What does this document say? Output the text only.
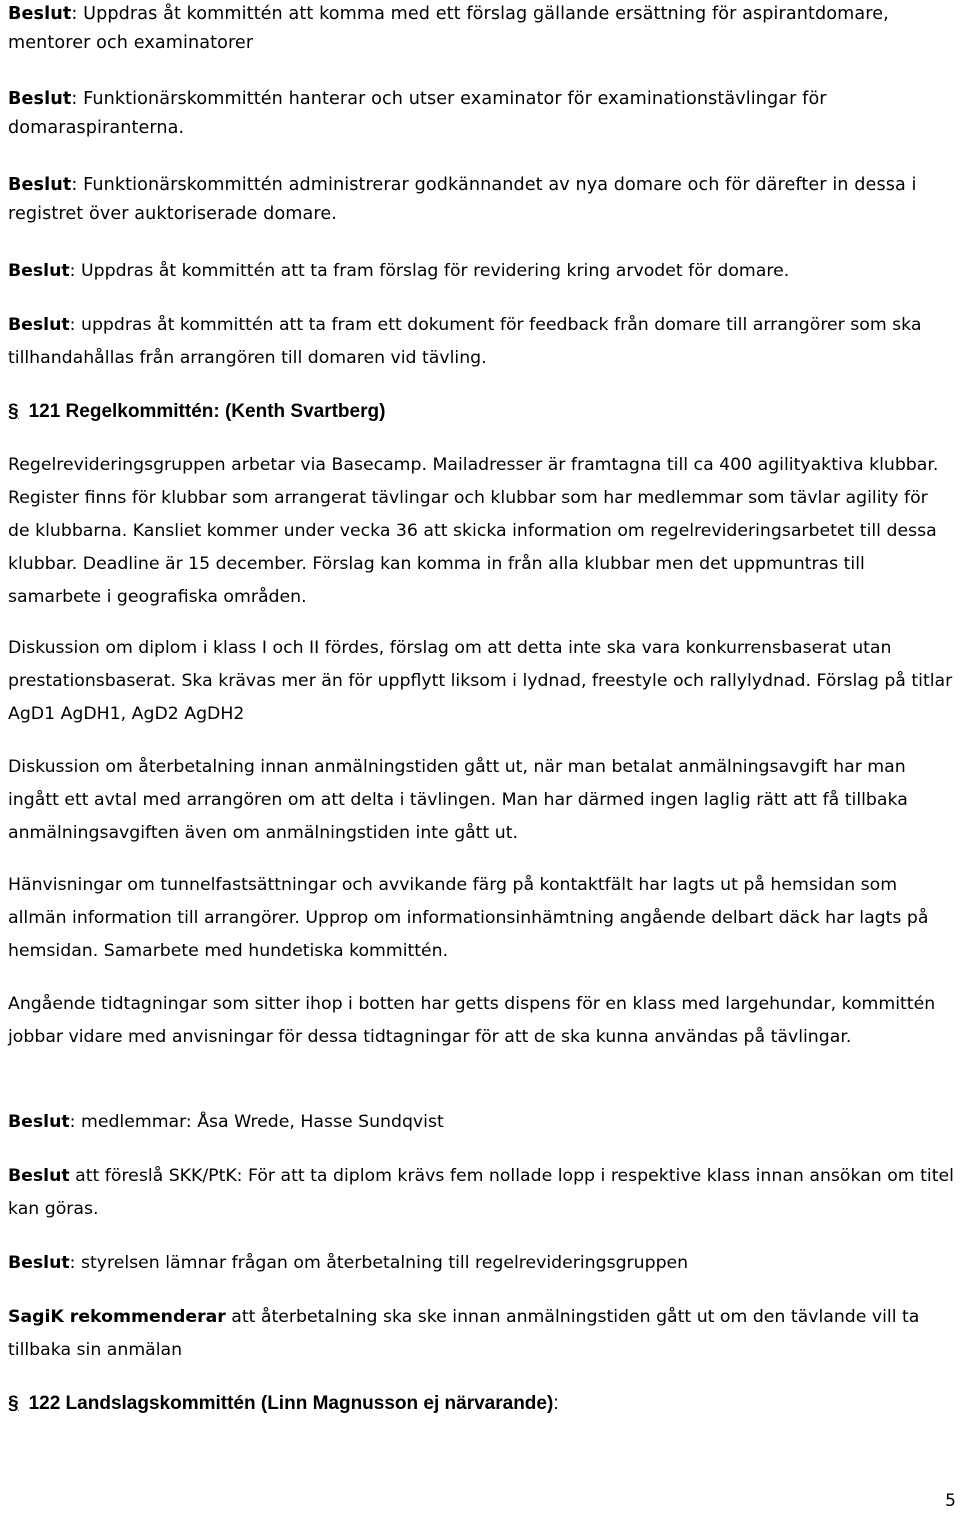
Beslut: Uppdras åt kommittén att komma med ett förslag gällande ersättning för aspirantdomare, mentorer och examinatorer

Beslut: Funktionärskommittén hanterar och utser examinator för examinationstävlingar för domaraspiranterna.

Beslut: Funktionärskommittén administrerar godkännandet av nya domare och för därefter in dessa i registret över auktoriserade domare.

Beslut: Uppdras åt kommittén att ta fram förslag för revidering kring arvodet för domare.

Beslut: uppdras åt kommittén att ta fram ett dokument för feedback från domare till arrangörer som ska tillhandahållas från arrangören till domaren vid tävling.

§ 121 Regelkommittén: (Kenth Svartberg)

Regelrevideringsgruppen arbetar via Basecamp. Mailadresser är framtagna till ca 400 agilityaktiva klubbar. Register finns för klubbar som arrangerat tävlingar och klubbar som har medlemmar som tävlar agility för de klubbarna. Kansliet kommer under vecka 36 att skicka information om regelrevideringsarbetet till dessa klubbar. Deadline är 15 december. Förslag kan komma in från alla klubbar men det uppmuntras till samarbete i geografiska områden.

Diskussion om diplom i klass I och II fördes, förslag om att detta inte ska vara konkurrensbaserat utan prestationsbaserat. Ska krävas mer än för uppflytt liksom i lydnad, freestyle och rallylydnad. Förslag på titlar AgD1 AgDH1, AgD2 AgDH2

Diskussion om återbetalning innan anmälningstiden gått ut, när man betalat anmälningsavgift har man ingått ett avtal med arrangören om att delta i tävlingen. Man har därmed ingen laglig rätt att få tillbaka anmälningsavgiften även om anmälningstiden inte gått ut.

Hänvisningar om tunnelfastsättningar och avvikande färg på kontaktfält har lagts ut på hemsidan som allmän information till arrangörer. Upprop om informationsinhämtning angående delbart däck har lagts på hemsidan. Samarbete med hundetiska kommittén.

Angående tidtagningar som sitter ihop i botten har getts dispens för en klass med largehundar, kommittén jobbar vidare med anvisningar för dessa tidtagningar för att de ska kunna användas på tävlingar.

Beslut: medlemmar: Åsa Wrede, Hasse Sundqvist

Beslut att föreslå SKK/PtK: För att ta diplom krävs fem nollade lopp i respektive klass innan ansökan om titel kan göras.

Beslut: styrelsen lämnar frågan om återbetalning till regelrevideringsgruppen

SagiK rekommenderar att återbetalning ska ske innan anmälningstiden gått ut om den tävlande vill ta tillbaka sin anmälan

§ 122 Landslagskommittén (Linn Magnusson ej närvarande):
5
